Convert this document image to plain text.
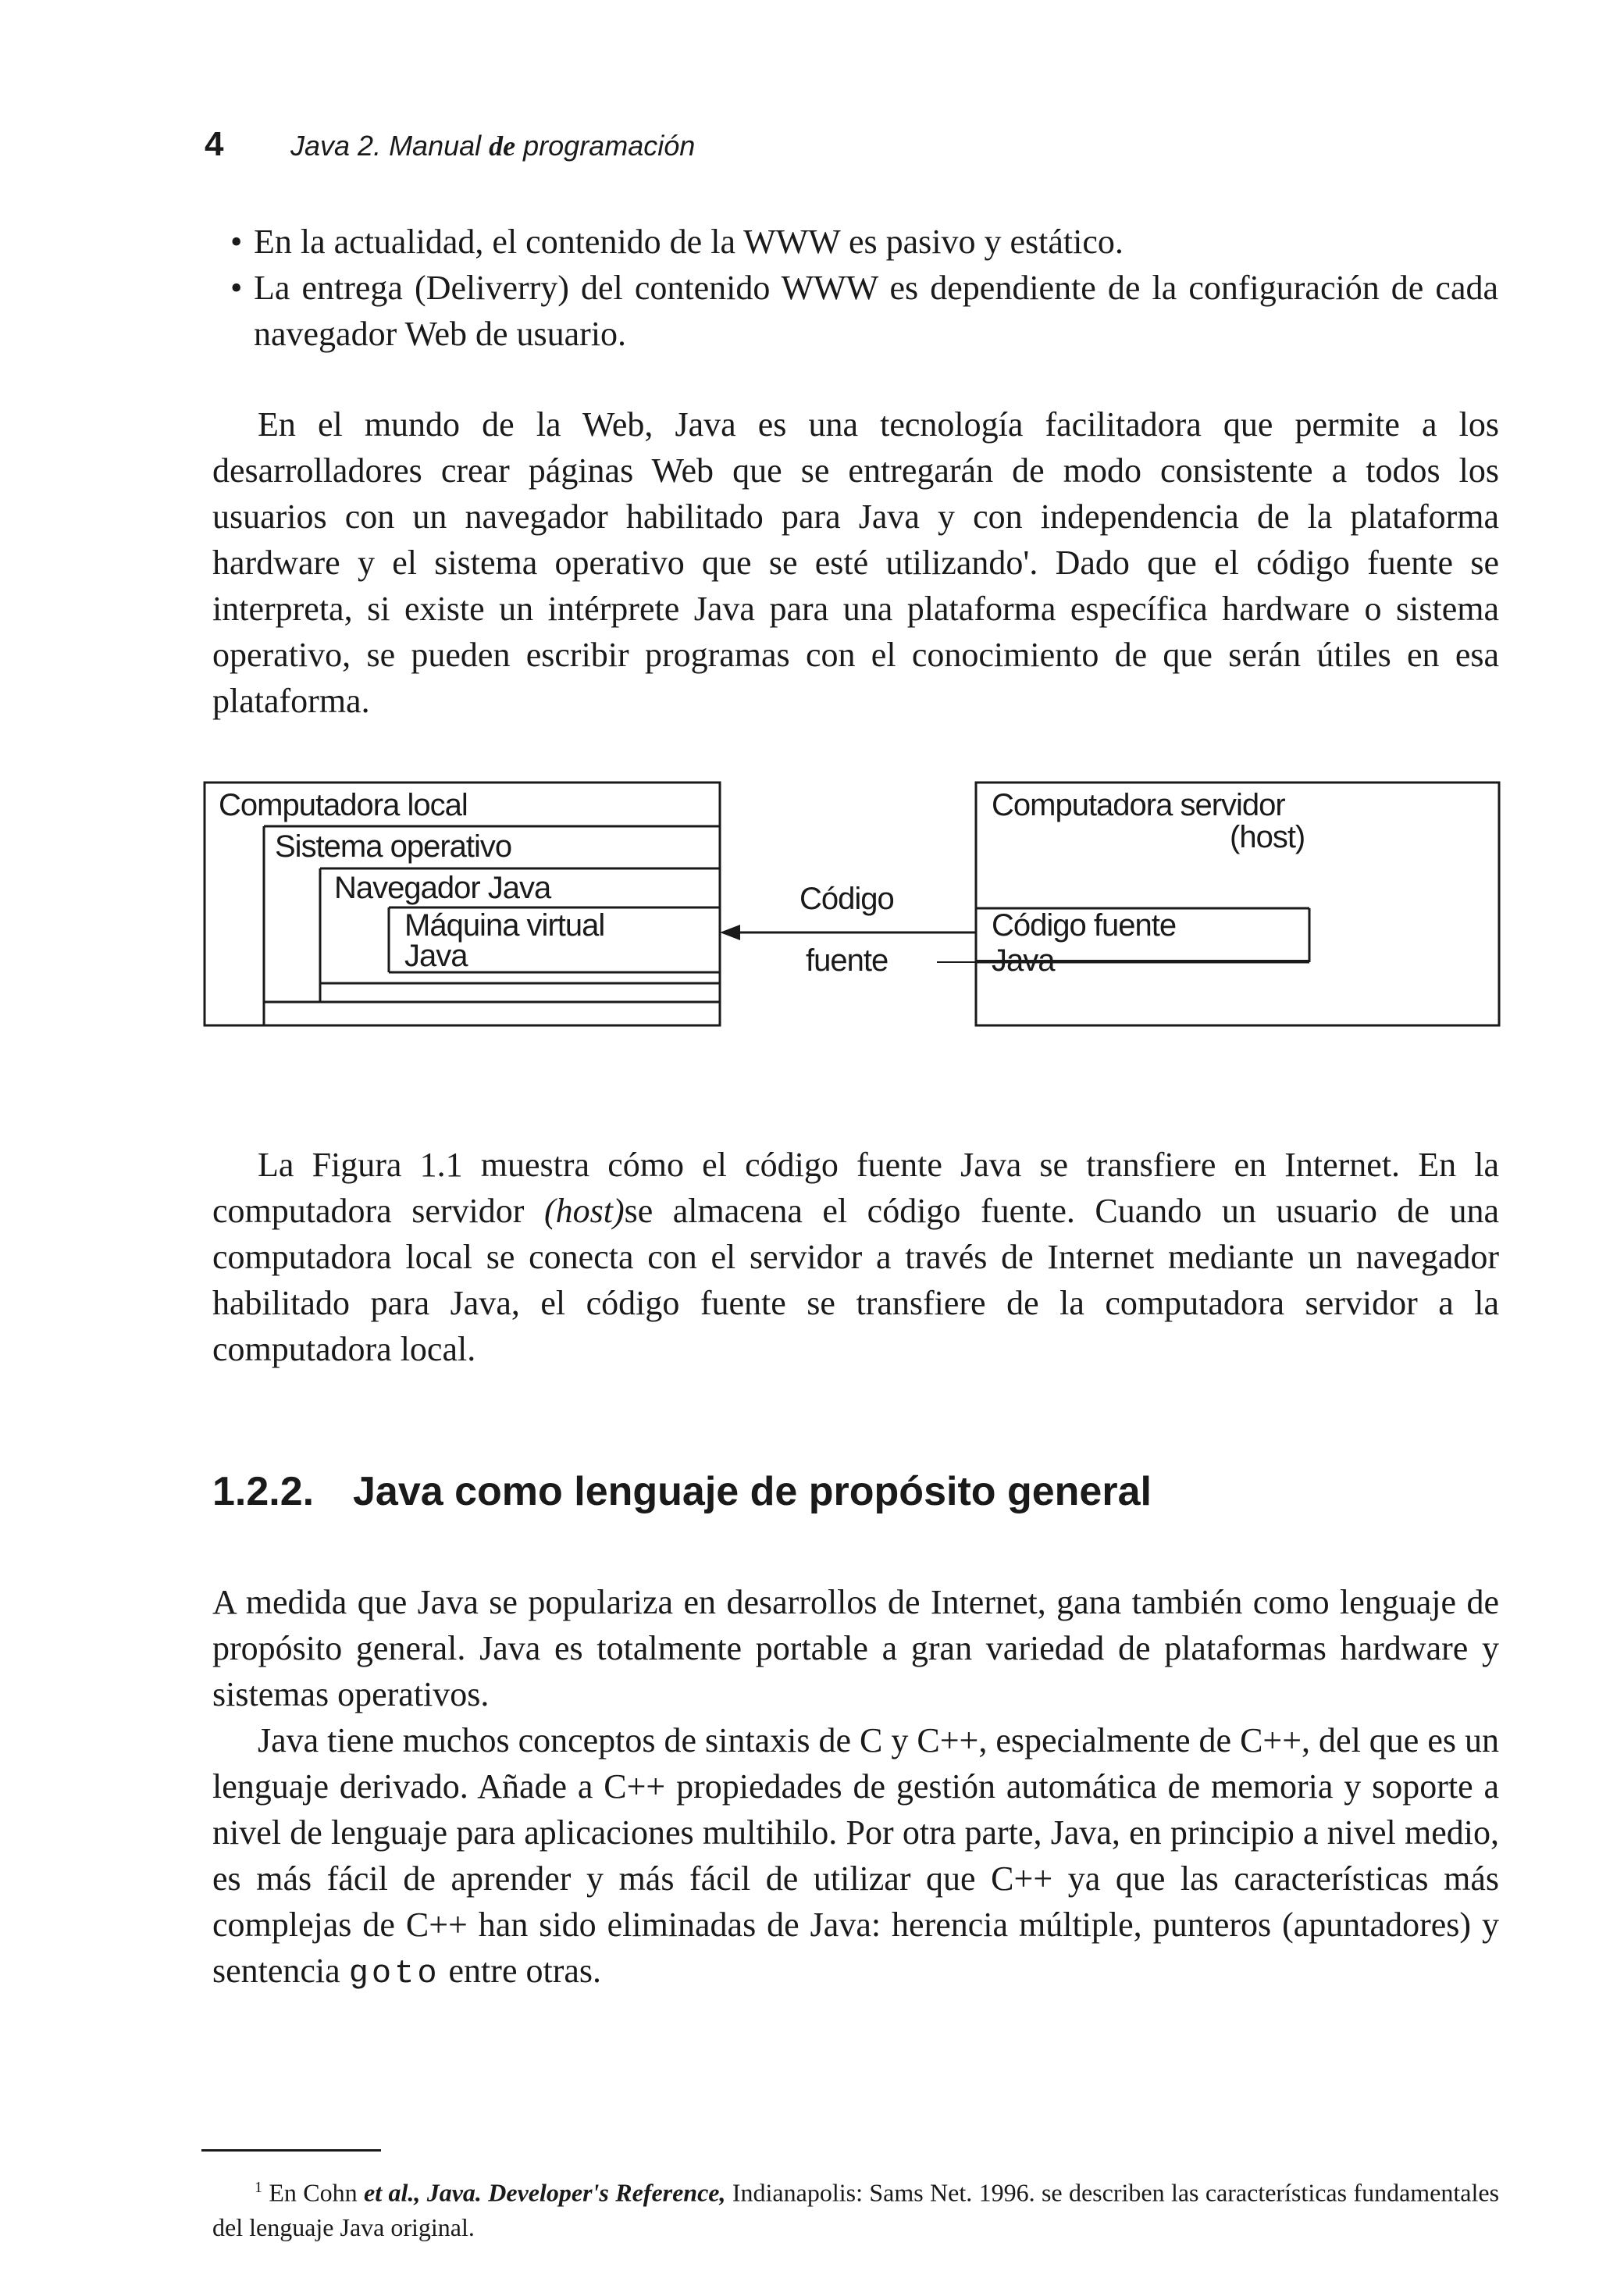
4 Java 2. Manual de programación
• En la actualidad, el contenido de la WWW es pasivo y estático.
• La entrega (Deliverry) del contenido WWW es dependiente de la configuración de cada navegador Web de usuario.
En el mundo de la Web, Java es una tecnología facilitadora que permite a los desarrolladores crear páginas Web que se entregarán de modo consistente a todos los usuarios con un navegador habilitado para Java y con independencia de la plataforma hardware y el sistema operativo que se esté utilizando'. Dado que el código fuente se interpreta, si existe un intérprete Java para una plataforma específica hardware o sistema operativo, se pueden escribir programas con el conocimiento de que serán útiles en esa plataforma.
Computadora local
Sistema operativo
Navegador Java
Máquina virtual
Java
Código
fuente
Computadora servidor
(host)
Código fuente
Java
La Figura 1.1 muestra cómo el código fuente Java se transfiere en Internet. En la computadora servidor (host)se almacena el código fuente. Cuando un usuario de una computadora local se conecta con el servidor a través de Internet mediante un navegador habilitado para Java, el código fuente se transfiere de la computadora servidor a la computadora local.
1.2.2. Java como lenguaje de propósito general
A medida que Java se populariza en desarrollos de Internet, gana también como lenguaje de propósito general. Java es totalmente portable a gran variedad de plataformas hardware y sistemas operativos.
Java tiene muchos conceptos de sintaxis de C y C++, especialmente de C++, del que es un lenguaje derivado. Añade a C++ propiedades de gestión automática de memoria y soporte a nivel de lenguaje para aplicaciones multihilo. Por otra parte, Java, en principio a nivel medio, es más fácil de aprender y más fácil de utilizar que C++ ya que las características más complejas de C++ han sido eliminadas de Java: herencia múltiple, punteros (apuntadores) y sentencia goto entre otras.
$^1$ En Cohn et al., Java. Developer's Reference, Indianapolis: Sams Net. 1996. se describen las características fundamentales del lenguaje Java original.
